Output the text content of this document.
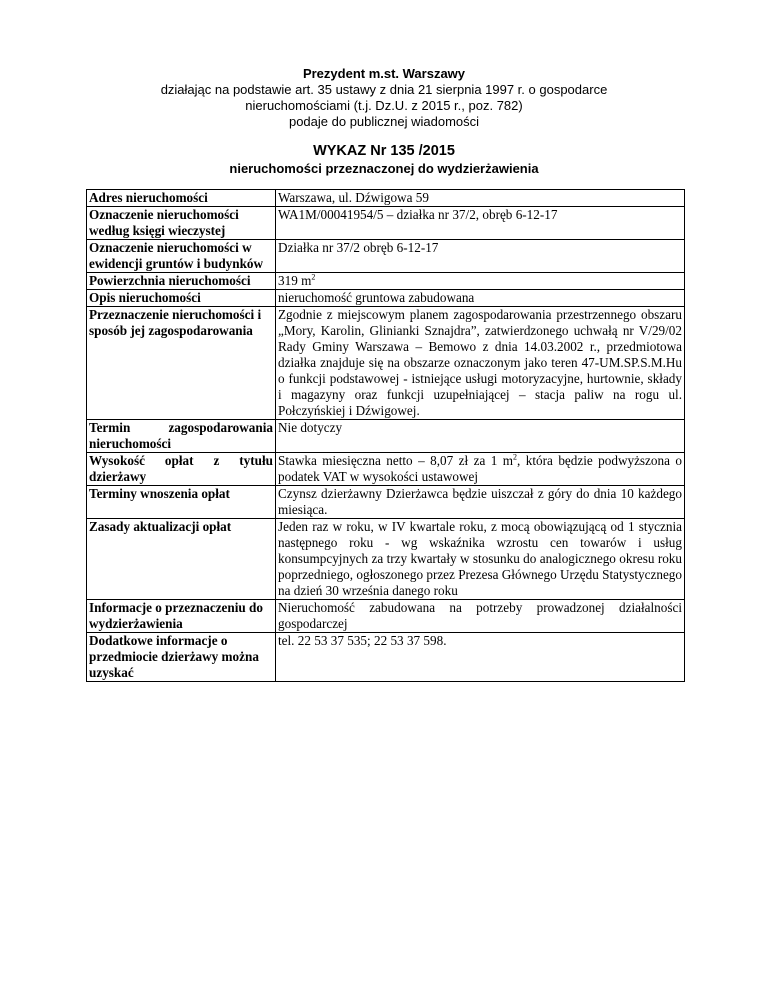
Prezydent m.st. Warszawy
działając na podstawie art. 35 ustawy z dnia 21 sierpnia 1997 r. o gospodarce
nieruchomościami (t.j. Dz.U. z 2015 r., poz. 782)
podaje do publicznej wiadomości
WYKAZ Nr 135 /2015
nieruchomości przeznaczonej do wydzierżawienia
Adres nieruchomości	Warszawa, ul. Dźwigowa 59
Oznaczenie nieruchomości według księgi wieczystej	WA1M/00041954/5 – działka nr 37/2, obręb 6-12-17
Oznaczenie nieruchomości w ewidencji gruntów i budynków	Działka nr 37/2 obręb 6-12-17
Powierzchnia nieruchomości	319 $m^2$
Opis nieruchomości	nieruchomość gruntowa zabudowana
Przeznaczenie nieruchomości i sposób jej zagospodarowania	Zgodnie z miejscowym planem zagospodarowania przestrzennego obszaru „Mory, Karolin, Glinianki Sznajdra”, zatwierdzonego uchwałą nr V/29/02 Rady Gminy Warszawa – Bemowo z dnia 14.03.2002 r., przedmiotowa działka znajduje się na obszarze oznaczonym jako teren 47-UM.SP.S.M.Hu o funkcji podstawowej - istniejące usługi motoryzacyjne, hurtownie, składy i magazyny oraz funkcji uzupełniającej – stacja paliw na rogu ul. Połczyńskiej i Dźwigowej.
Termin zagospodarowania nieruchomości	Nie dotyczy
Wysokość opłat z tytułu dzierżawy	Stawka miesięczna netto – 8,07 zł za 1 $m^2$, która będzie podwyższona o podatek VAT w wysokości ustawowej
Terminy wnoszenia opłat	Czynsz dzierżawny Dzierżawca będzie uiszczał z góry do dnia 10 każdego miesiąca.
Zasady aktualizacji opłat	Jeden raz w roku, w IV kwartale roku, z mocą obowiązującą od 1 stycznia następnego roku - wg wskaźnika wzrostu cen towarów i usług konsumpcyjnych za trzy kwartały w stosunku do analogicznego okresu roku poprzedniego, ogłoszonego przez Prezesa Głównego Urzędu Statystycznego na dzień 30 września danego roku
Informacje o przeznaczeniu do wydzierżawienia	Nieruchomość zabudowana na potrzeby prowadzonej działalności gospodarczej
Dodatkowe informacje o przedmiocie dzierżawy można uzyskać	tel. 22 53 37 535; 22 53 37 598.
